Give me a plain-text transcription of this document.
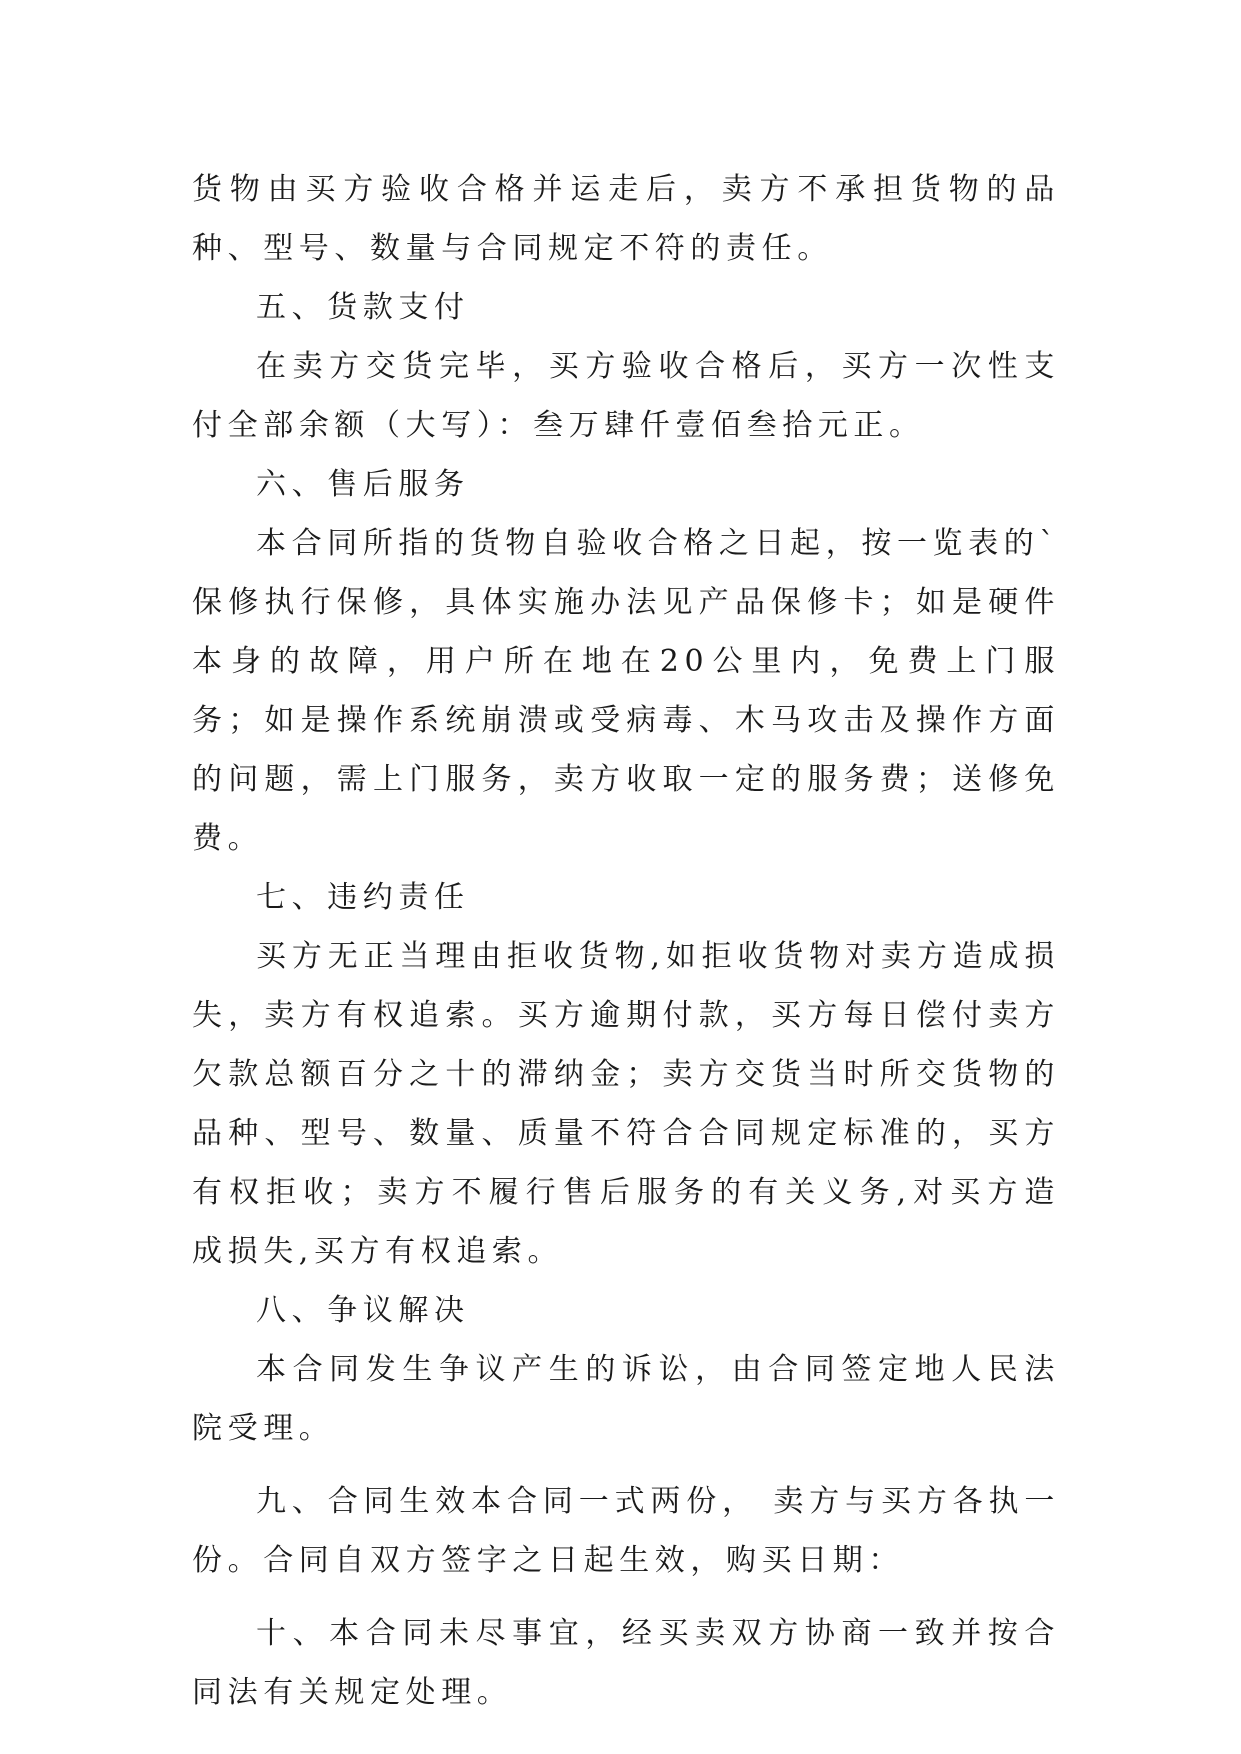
货物由买方验收合格并运走后，卖方不承担货物的品种、型号、数量与合同规定不符的责任。

五、货款支付

在卖方交货完毕，买方验收合格后，买方一次性支付全部余额（大写）：叁万肆仟壹佰叁拾元正。

六、售后服务

本合同所指的货物自验收合格之日起，按一览表的`保修执行保修，具体实施办法见产品保修卡；如是硬件本身的故障，用户所在地在20公里内，免费上门服务；如是操作系统崩溃或受病毒、木马攻击及操作方面的问题，需上门服务，卖方收取一定的服务费；送修免费。

七、违约责任

买方无正当理由拒收货物,如拒收货物对卖方造成损失，卖方有权追索。买方逾期付款，买方每日偿付卖方欠款总额百分之十的滞纳金；卖方交货当时所交货物的品种、型号、数量、质量不符合合同规定标准的，买方有权拒收；卖方不履行售后服务的有关义务,对买方造成损失,买方有权追索。

八、争议解决

本合同发生争议产生的诉讼，由合同签定地人民法院受理。

九、合同生效本合同一式两份， 卖方与买方各执一份。合同自双方签字之日起生效，购买日期：

十、本合同未尽事宜，经买卖双方协商一致并按合同法有关规定处理。
